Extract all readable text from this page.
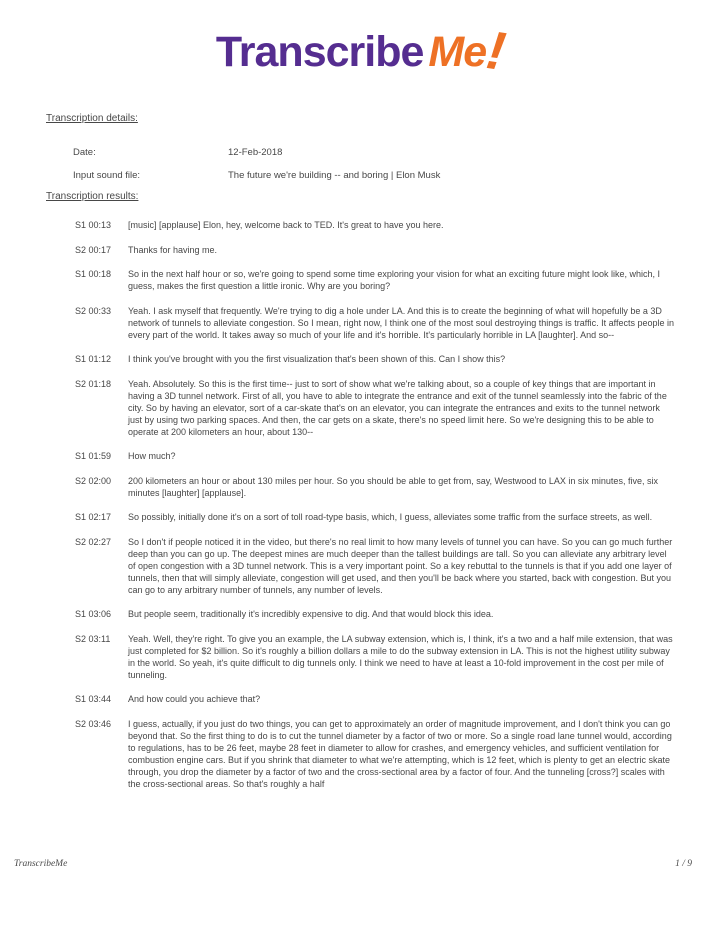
Transcribe Me!
Transcription details:
Date:	12-Feb-2018
Input sound file:	The future we're building -- and boring | Elon Musk
Transcription results:
S1 00:13	[music] [applause] Elon, hey, welcome back to TED. It's great to have you here.
S2 00:17	Thanks for having me.
S1 00:18	So in the next half hour or so, we're going to spend some time exploring your vision for what an exciting future might look like, which, I guess, makes the first question a little ironic. Why are you boring?
S2 00:33	Yeah. I ask myself that frequently. We're trying to dig a hole under LA. And this is to create the beginning of what will hopefully be a 3D network of tunnels to alleviate congestion. So I mean, right now, I think one of the most soul destroying things is traffic. It affects people in every part of the world. It takes away so much of your life and it's horrible. It's particularly horrible in LA [laughter]. And so--
S1 01:12	I think you've brought with you the first visualization that's been shown of this. Can I show this?
S2 01:18	Yeah. Absolutely. So this is the first time-- just to sort of show what we're talking about, so a couple of key things that are important in having a 3D tunnel network. First of all, you have to able to integrate the entrance and exit of the tunnel seamlessly into the fabric of the city. So by having an elevator, sort of a car-skate that's on an elevator, you can integrate the entrances and exits to the tunnel network just by using two parking spaces. And then, the car gets on a skate, there's no speed limit here. So we're designing this to be able to operate at 200 kilometers an hour, about 130--
S1 01:59	How much?
S2 02:00	200 kilometers an hour or about 130 miles per hour. So you should be able to get from, say, Westwood to LAX in six minutes, five, six minutes [laughter] [applause].
S1 02:17	So possibly, initially done it's on a sort of toll road-type basis, which, I guess, alleviates some traffic from the surface streets, as well.
S2 02:27	So I don't if people noticed it in the video, but there's no real limit to how many levels of tunnel you can have. So you can go much further deep than you can go up. The deepest mines are much deeper than the tallest buildings are tall. So you can alleviate any arbitrary level of open congestion with a 3D tunnel network. This is a very important point. So a key rebuttal to the tunnels is that if you add one layer of tunnels, then that will simply alleviate, congestion will get used, and then you'll be back where you started, back with congestion. But you can go to any arbitrary number of tunnels, any number of levels.
S1 03:06	But people seem, traditionally it's incredibly expensive to dig. And that would block this idea.
S2 03:11	Yeah. Well, they're right. To give you an example, the LA subway extension, which is, I think, it's a two and a half mile extension, that was just completed for $2 billion. So it's roughly a billion dollars a mile to do the subway extension in LA. This is not the highest utility subway in the world. So yeah, it's quite difficult to dig tunnels only. I think we need to have at least a 10-fold improvement in the cost per mile of tunneling.
S1 03:44	And how could you achieve that?
S2 03:46	I guess, actually, if you just do two things, you can get to approximately an order of magnitude improvement, and I don't think you can go beyond that. So the first thing to do is to cut the tunnel diameter by a factor of two or more. So a single road lane tunnel would, according to regulations, has to be 26 feet, maybe 28 feet in diameter to allow for crashes, and emergency vehicles, and sufficient ventilation for combustion engine cars. But if you shrink that diameter to what we're attempting, which is 12 feet, which is plenty to get an electric skate through, you drop the diameter by a factor of two and the cross-sectional area by a factor of four. And the tunneling [cross?] scales with the cross-sectional areas. So that's roughly a half
TranscribeMe	1 / 9
